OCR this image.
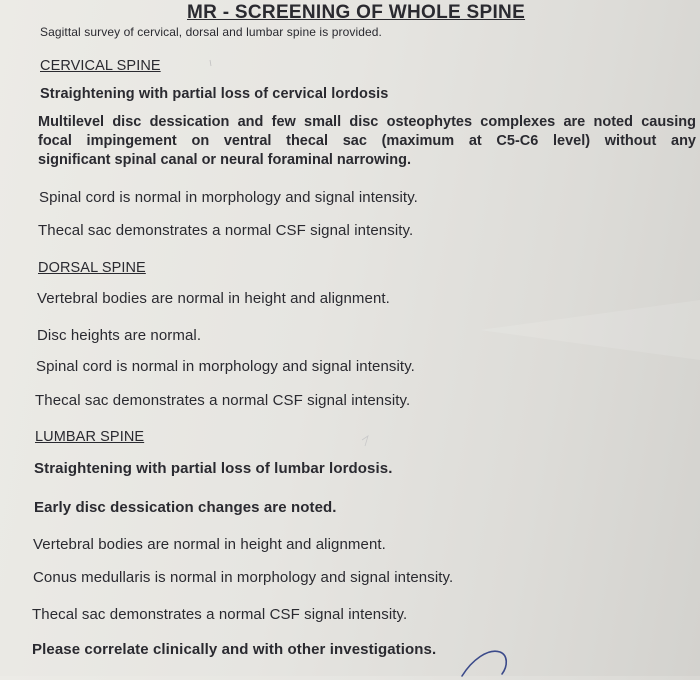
MR - SCREENING OF WHOLE SPINE
Sagittal survey of cervical, dorsal and lumbar spine is provided.
CERVICAL SPINE
Straightening with partial loss of cervical lordosis
Multilevel disc dessication and few small disc osteophytes complexes are noted causing
focal impingement on ventral thecal sac (maximum at C5-C6 level) without any
significant spinal canal or neural foraminal narrowing.
Spinal cord is normal in morphology and signal intensity.
Thecal sac demonstrates a normal CSF signal intensity.
DORSAL SPINE
Vertebral bodies are normal in height and alignment.
Disc heights are normal.
Spinal cord is normal in morphology and signal intensity.
Thecal sac demonstrates a normal CSF signal intensity.
LUMBAR SPINE
Straightening with partial loss of lumbar lordosis.
Early disc dessication changes are noted.
Vertebral bodies are normal in height and alignment.
Conus medullaris is normal in morphology and signal intensity.
Thecal sac demonstrates a normal CSF signal intensity.
Please correlate clinically and with other investigations.
